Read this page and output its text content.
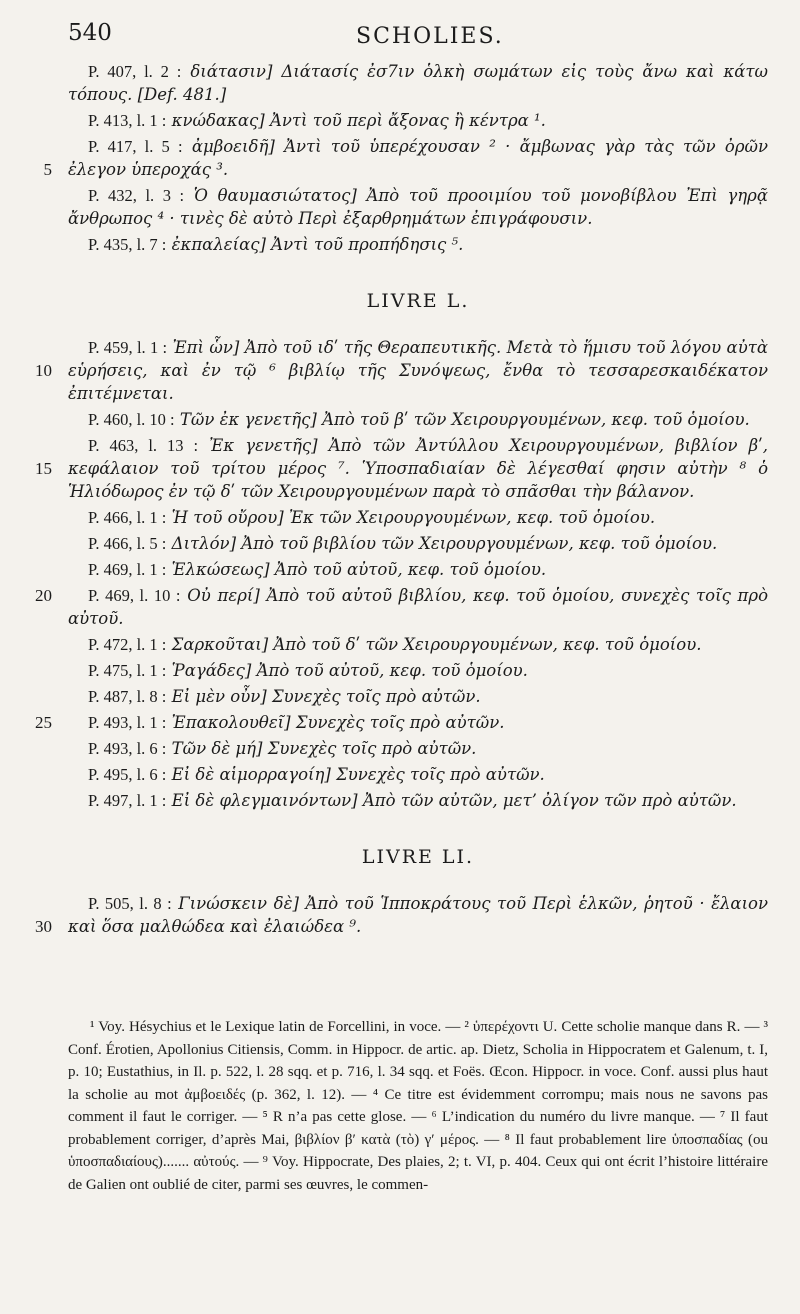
540	SCHOLIES.

P. 407, l. 2 : διάτασιν] Διάτασίς ἐσ7ιν ὁλκὴ σωμάτων εἰς τοὺς ἄνω καὶ κάτω τόπους. [Def. 481.]

P. 413, l. 1 : κνώδακας] Ἀντὶ τοῦ περὶ ἄξονας ἢ κέντρα ¹.

5
P. 417, l. 5 : ἀμβοειδῆ] Ἀντὶ τοῦ ὑπερέχουσαν ² · ἄμβωνας γὰρ τὰς τῶν ὀρῶν ἐλεγον ὑπεροχάς ³.

P. 432, l. 3 : Ὁ θαυμασιώτατος] Ἀπὸ τοῦ προοιμίου τοῦ μονοβίβλου Ἐπὶ γηρᾷ ἄνθρωπος ⁴ · τινὲς δὲ αὐτὸ Περὶ ἐξαρθρημάτων ἐπιγράφουσιν.

P. 435, l. 7 : ἐκπαλείας] Ἀντὶ τοῦ προπήδησις ⁵.

LIVRE L.

10
P. 459, l. 1 : Ἐπὶ ὧν] Ἀπὸ τοῦ ιδʹ τῆς Θεραπευτικῆς. Μετὰ τὸ ἥμισυ τοῦ λόγου αὐτὰ εὑρήσεις, καὶ ἐν τῷ ⁶ βιβλίῳ τῆς Συνόψεως, ἔνθα τὸ τεσσαρεσκαιδέκατον ἐπιτέμνεται.

P. 460, l. 10 : Τῶν ἐκ γενετῆς] Ἀπὸ τοῦ βʹ τῶν Χειρουργουμένων, κεφ. τοῦ ὁμοίου.

15
P. 463, l. 13 : Ἐκ γενετῆς] Ἀπὸ τῶν Ἀντύλλου Χειρουργουμένων, βιβλίον βʹ, κεφάλαιον τοῦ τρίτου μέρος ⁷. Ὑποσπαδιαίαν δὲ λέγεσθαί φησιν αὐτὴν ⁸ ὁ Ἡλιόδωρος ἐν τῷ δʹ τῶν Χειρουργουμένων παρὰ τὸ σπᾶσθαι τὴν βάλανον.

P. 466, l. 1 : Ἡ τοῦ οὔρου] Ἐκ τῶν Χειρουργουμένων, κεφ. τοῦ ὁμοίου.

P. 466, l. 5 : Διτλόν] Ἀπὸ τοῦ βιβλίου τῶν Χειρουργουμένων, κεφ. τοῦ ὁμοίου.

P. 469, l. 1 : Ἑλκώσεως] Ἀπὸ τοῦ αὐτοῦ, κεφ. τοῦ ὁμοίου.

20 P. 469, l. 10 : Οὐ περί] Ἀπὸ τοῦ αὐτοῦ βιβλίου, κεφ. τοῦ ὁμοίου, συνεχὲς τοῖς πρὸ αὐτοῦ.

P. 472, l. 1 : Σαρκοῦται] Ἀπὸ τοῦ δʹ τῶν Χειρουργουμένων, κεφ. τοῦ ὁμοίου.

P. 475, l. 1 : Ῥαγάδες] Ἀπὸ τοῦ αὐτοῦ, κεφ. τοῦ ὁμοίου.

P. 487, l. 8 : Εἰ μὲν οὖν] Συνεχὲς τοῖς πρὸ αὐτῶν.

25 P. 493, l. 1 : Ἐπακολουθεῖ] Συνεχὲς τοῖς πρὸ αὐτῶν.

P. 493, l. 6 : Τῶν δὲ μή] Συνεχὲς τοῖς πρὸ αὐτῶν.

P. 495, l. 6 : Εἰ δὲ αἱμορραγοίη] Συνεχὲς τοῖς πρὸ αὐτῶν.

P. 497, l. 1 : Εἰ δὲ φλεγμαινόντων] Ἀπὸ τῶν αὐτῶν, μετ’ ὀλίγον τῶν πρὸ αὐτῶν.

LIVRE LI.

30
P. 505, l. 8 : Γινώσκειν δὲ] Ἀπὸ τοῦ Ἱπποκράτους τοῦ Περὶ ἑλκῶν, ῥητοῦ · ἔλαιον καὶ ὅσα μαλθώδεα καὶ ἐλαιώδεα ⁹.

¹ Voy. Hésychius et le Lexique latin de Forcellini, in voce. — ² ὑπερέχοντι U. Cette scholie manque dans R. — ³ Conf. Érotien, Apollonius Citiensis, Comm. in Hippocr. de artic. ap. Dietz, Scholia in Hippocratem et Galenum, t. I, p. 10; Eustathius, in Il. p. 522, l. 28 sqq. et p. 716, l. 34 sqq. et Foës. Œcon. Hippocr. in voce. Conf. aussi plus haut la scholie au mot ἀμβοειδές (p. 362, l. 12). — ⁴ Ce titre est évidemment corrompu; mais nous ne savons pas comment il faut le corriger. — ⁵ R n’a pas cette glose. — ⁶ L’indication du numéro du livre manque. — ⁷ Il faut probablement corriger, d’après Mai, βιβλίον βʹ κατὰ (τὸ) γʹ μέρος. — ⁸ Il faut probablement lire ὑποσπαδίας (ou ὑποσπαδιαίους)....... αὐτούς. — ⁹ Voy. Hippocrate, Des plaies, 2; t. VI, p. 404. Ceux qui ont écrit l’histoire littéraire de Galien ont oublié de citer, parmi ses œuvres, le commen-
